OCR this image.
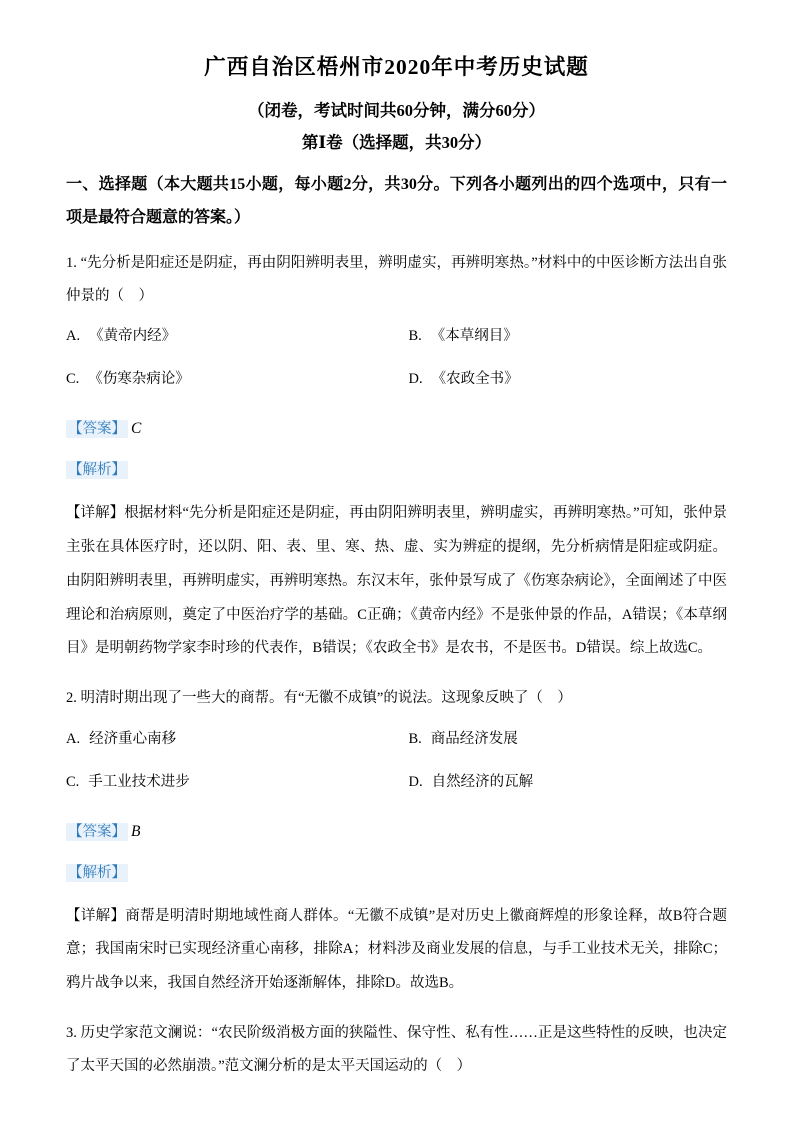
广西自治区梧州市2020年中考历史试题

（闭卷，考试时间共60分钟，满分60分）

第Ⅰ卷（选择题，共30分）

一、选择题（本大题共15小题，每小题2分，共30分。下列各小题列出的四个选项中，只有一项是最符合题意的答案。）

1. “先分析是阳症还是阴症，再由阴阳辨明表里，辨明虚实，再辨明寒热。”材料中的中医诊断方法出自张仲景的（　）

A. 《黄帝内经》	B. 《本草纲目》

C. 《伤寒杂病论》	D. 《农政全书》

【答案】 C

【解析】

【详解】根据材料“先分析是阳症还是阴症，再由阴阳辨明表里，辨明虚实，再辨明寒热。”可知，张仲景主张在具体医疗时，还以阴、阳、表、里、寒、热、虚、实为辨症的提纲，先分析病情是阳症或阴症。由阴阳辨明表里，再辨明虚实，再辨明寒热。东汉末年，张仲景写成了《伤寒杂病论》，全面阐述了中医理论和治病原则，奠定了中医治疗学的基础。C正确；《黄帝内经》不是张仲景的作品，A错误；《本草纲目》是明朝药物学家李时珍的代表作，B错误；《农政全书》是农书，不是医书。D错误。综上故选C。

2. 明清时期出现了一些大的商帮。有“无徽不成镇”的说法。这现象反映了（　）

A. 经济重心南移	B. 商品经济发展

C. 手工业技术进步	D. 自然经济的瓦解

【答案】 B

【解析】

【详解】商帮是明清时期地域性商人群体。“无徽不成镇”是对历史上徽商辉煌的形象诠释，故B符合题意；我国南宋时已实现经济重心南移，排除A；材料涉及商业发展的信息，与手工业技术无关，排除C；鸦片战争以来，我国自然经济开始逐渐解体，排除D。故选B。

3. 历史学家范文澜说：“农民阶级消极方面的狭隘性、保守性、私有性……正是这些特性的反映，也决定了太平天国的必然崩溃。”范文澜分析的是太平天国运动的（　）
